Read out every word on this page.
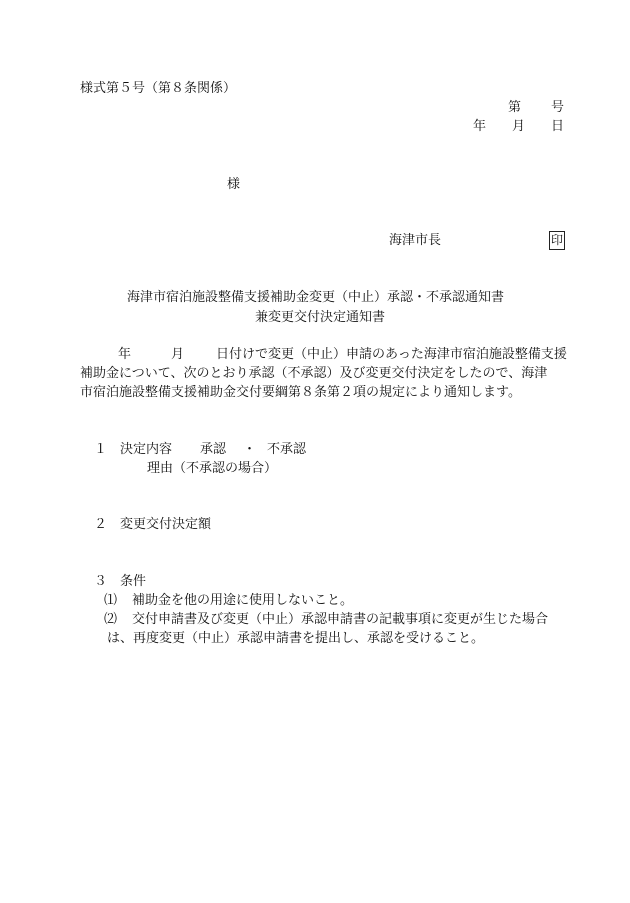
様式第５号（第８条関係）
第 号
年 月 日
様
海津市長	印
海津市宿泊施設整備支援補助金変更（中止）承認・不承認通知書
兼変更交付決定通知書
年	月 日付けで変更（中止）申請のあった海津市宿泊施設整備支援
補助金について、次のとおり承認（不承認）及び変更交付決定をしたので、海津
市宿泊施設整備支援補助金交付要綱第８条第２項の規定により通知します。
１ 決定内容 承認 ・ 不承認
理由（不承認の場合）
２ 変更交付決定額
３ 条件
⑴ 補助金を他の用途に使用しないこと。
⑵ 交付申請書及び変更（中止）承認申請書の記載事項に変更が生じた場合
は、再度変更（中止）承認申請書を提出し、承認を受けること。
